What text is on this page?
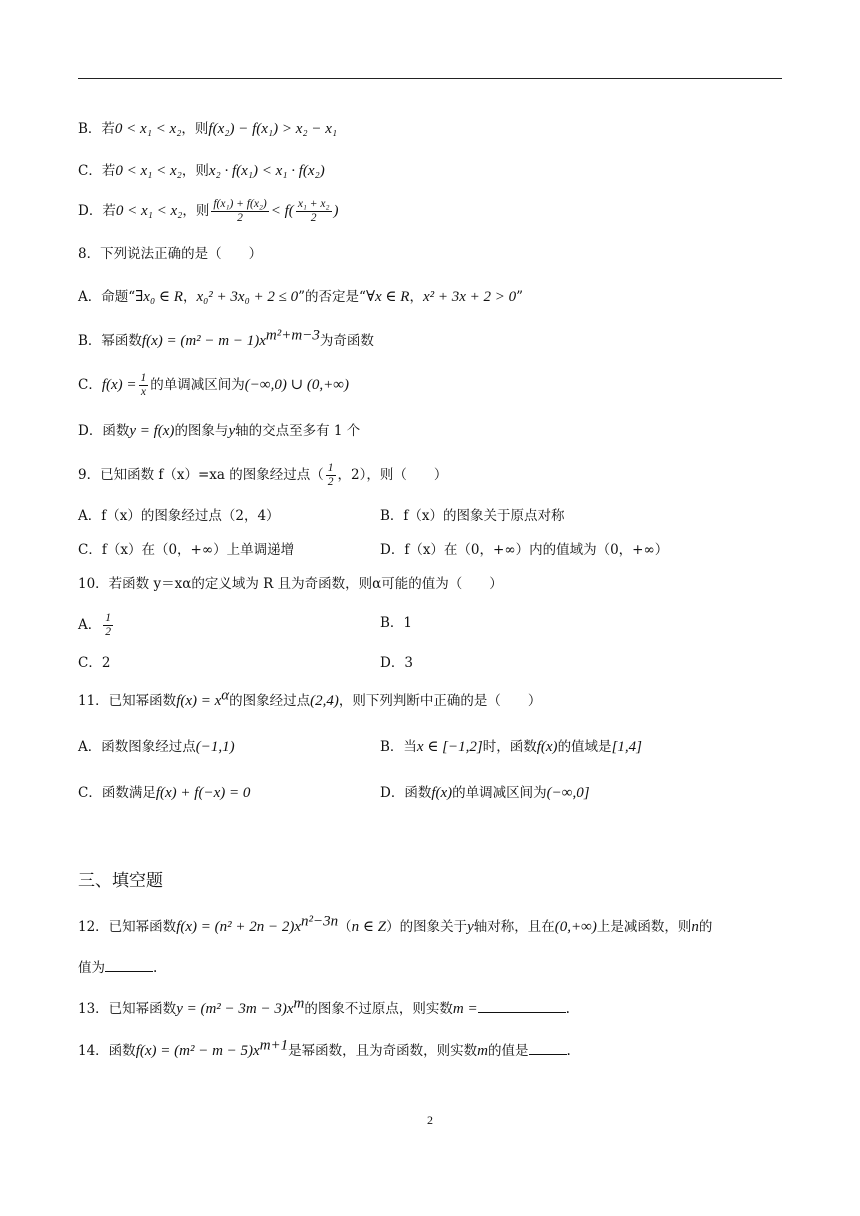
B．若0 < x₁ < x₂，则f(x₂) − f(x₁) > x₂ − x₁
C．若0 < x₁ < x₂，则x₂ · f(x₁) < x₁ · f(x₂)
D．若0 < x₁ < x₂，则 $\frac{\text{f(x₁) + f(x₂)}}{2} < f( \frac{\text{x₁ + x₂}}{2}$ )
8．下列说法正确的是（　　）
A．命题“∃x₀ ∈ R，x₀² + 3x₀ + 2 ≤ 0”的否定是“∀x ∈ R，x² + 3x + 2 > 0”
B．幂函数$f(x) = (m^2 - m - 1)x^{m^2+m-3}$为奇函数
C．$f(x) = \frac{1}{x}$ 的单调减区间为(−∞,0) ∪ (0,+∞)
D．函数y = f(x)的图象与y轴的交点至多有 1 个
9．已知函数 f（x）=xa 的图象经过点（ $\frac{1}{2}$ ，2），则（　　）
A．f（x）的图象经过点（2，4）	B．f（x）的图象关于原点对称
C．f（x）在（0，+∞）上单调递增	D．f（x）在（0，+∞）内的值域为（0，+∞）
10．若函数 y＝xα的定义域为 R 且为奇函数，则α可能的值为（　　）
A． $\frac{1}{2}$	B．1
C．2	D．3
11．已知幂函数$f(x) = x^\alpha$的图象经过点(2,4)，则下列判断中正确的是（　　）
A．函数图象经过点(−1,1)	B．当x ∈ [−1,2]时，函数f(x)的值域是[1,4]
C．函数满足f(x) + f(−x) = 0	D．函数f(x)的单调减区间为(−∞,0]
三、填空题
12．已知幂函数$f(x) = (n^2 + 2n - 2)x^{n^2-3n}(n$ ∈ Z）的图象关于y轴对称，且在(0,+∞)上是减函数，则n的
值为	.
13．已知幂函数$y = (m^2 - 3m - 3)x^m$的图象不过原点，则实数m =	.
14．函数$f(x) = (m^2 - m - 5)x^{m+1}$是幂函数，且为奇函数，则实数m的值是	.
2
